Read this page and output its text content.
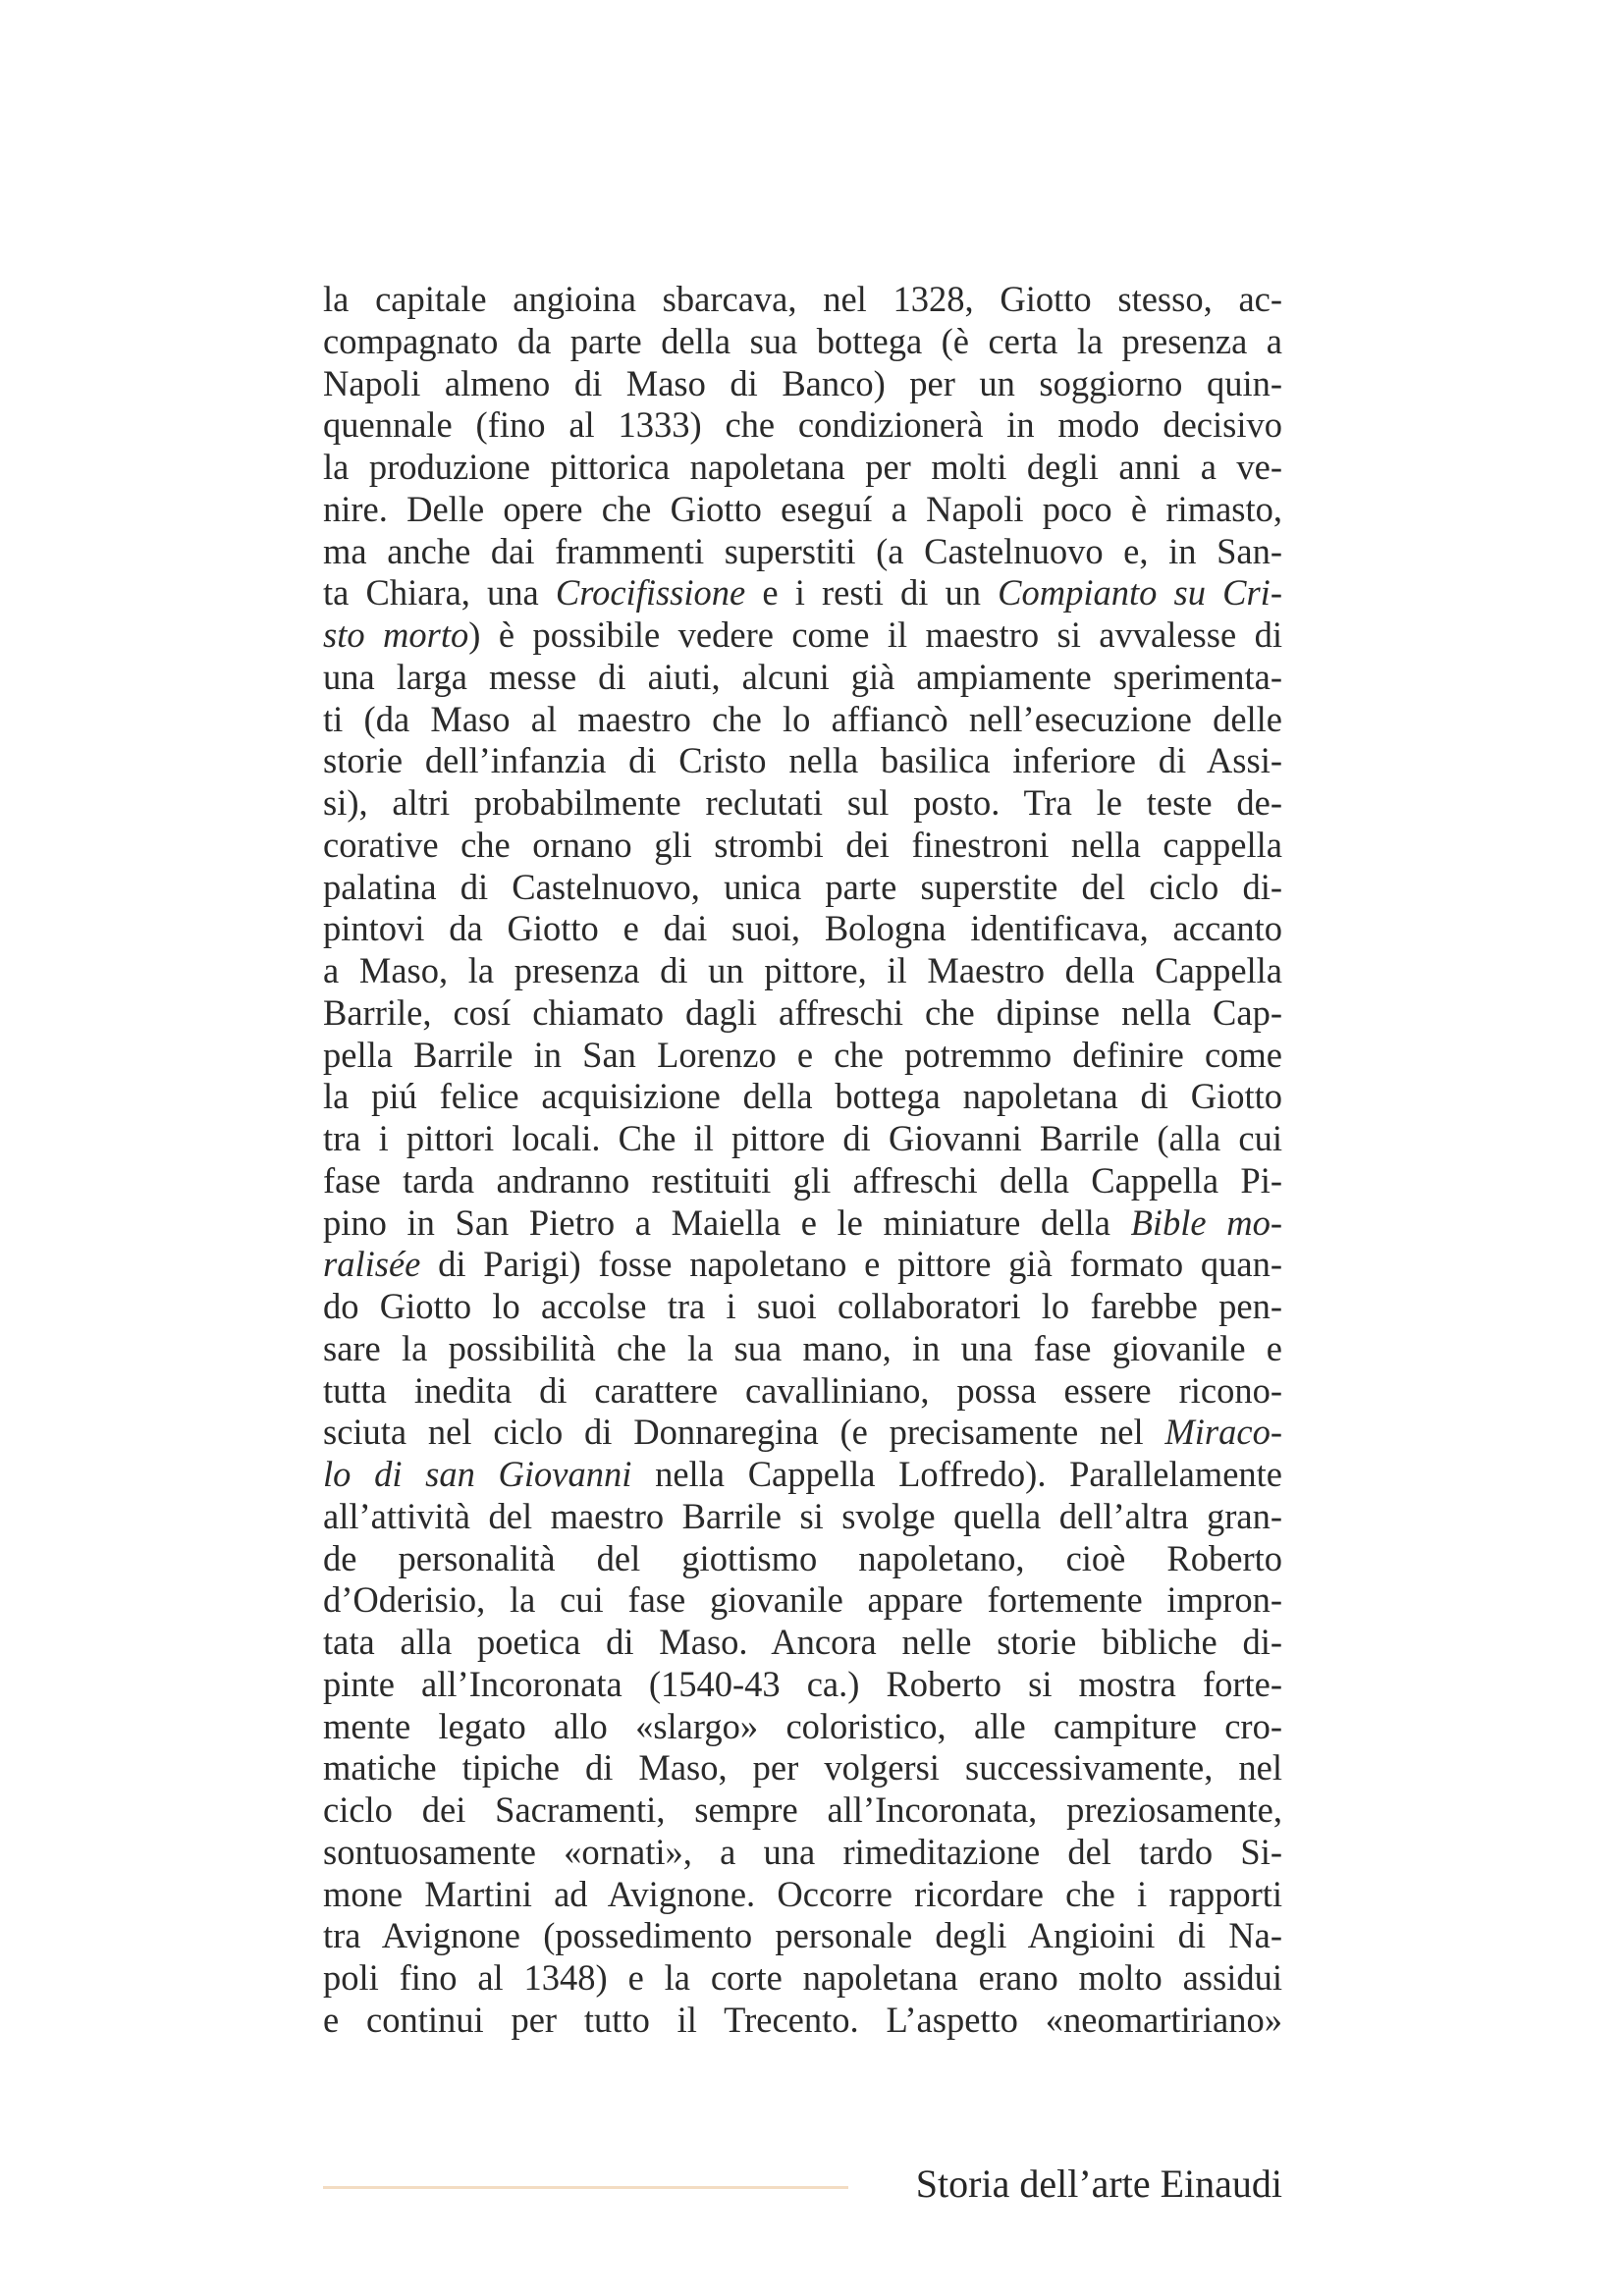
la capitale angioina sbarcava, nel 1328, Giotto stesso, ac-
compagnato da parte della sua bottega (è certa la presenza a
Napoli almeno di Maso di Banco) per un soggiorno quin-
quennale (fino al 1333) che condizionerà in modo decisivo
la produzione pittorica napoletana per molti degli anni a ve-
nire. Delle opere che Giotto eseguí a Napoli poco è rimasto,
ma anche dai frammenti superstiti (a Castelnuovo e, in San-
ta Chiara, una Crocifissione e i resti di un Compianto su Cri-
sto morto) è possibile vedere come il maestro si avvalesse di
una larga messe di aiuti, alcuni già ampiamente sperimenta-
ti (da Maso al maestro che lo affiancò nell’esecuzione delle
storie dell’infanzia di Cristo nella basilica inferiore di Assi-
si), altri probabilmente reclutati sul posto. Tra le teste de-
corative che ornano gli strombi dei finestroni nella cappella
palatina di Castelnuovo, unica parte superstite del ciclo di-
pintovi da Giotto e dai suoi, Bologna identificava, accanto
a Maso, la presenza di un pittore, il Maestro della Cappella
Barrile, cosí chiamato dagli affreschi che dipinse nella Cap-
pella Barrile in San Lorenzo e che potremmo definire come
la piú felice acquisizione della bottega napoletana di Giotto
tra i pittori locali. Che il pittore di Giovanni Barrile (alla cui
fase tarda andranno restituiti gli affreschi della Cappella Pi-
pino in San Pietro a Maiella e le miniature della Bible mo-
ralisée di Parigi) fosse napoletano e pittore già formato quan-
do Giotto lo accolse tra i suoi collaboratori lo farebbe pen-
sare la possibilità che la sua mano, in una fase giovanile e
tutta inedita di carattere cavalliniano, possa essere ricono-
sciuta nel ciclo di Donnaregina (e precisamente nel Miraco-
lo di san Giovanni nella Cappella Loffredo). Parallelamente
all’attività del maestro Barrile si svolge quella dell’altra gran-
de personalità del giottismo napoletano, cioè Roberto
d’Oderisio, la cui fase giovanile appare fortemente impron-
tata alla poetica di Maso. Ancora nelle storie bibliche di-
pinte all’Incoronata (1540-43 ca.) Roberto si mostra forte-
mente legato allo «slargo» coloristico, alle campiture cro-
matiche tipiche di Maso, per volgersi successivamente, nel
ciclo dei Sacramenti, sempre all’Incoronata, preziosamente,
sontuosamente «ornati», a una rimeditazione del tardo Si-
mone Martini ad Avignone. Occorre ricordare che i rapporti
tra Avignone (possedimento personale degli Angioini di Na-
poli fino al 1348) e la corte napoletana erano molto assidui
e continui per tutto il Trecento. L’aspetto «neomartiriano»
Storia dell’arte Einaudi
